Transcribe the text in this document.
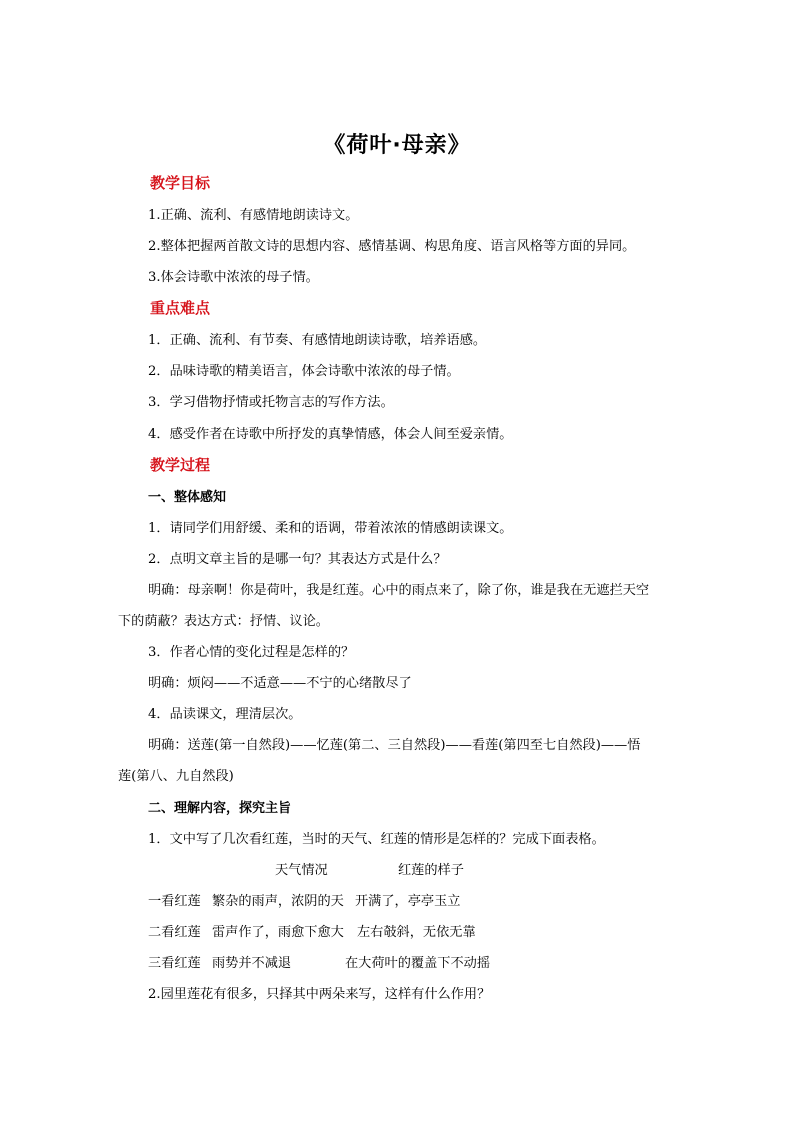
《荷叶·母亲》
教学目标
1.正确、流利、有感情地朗读诗文。
2.整体把握两首散文诗的思想内容、感情基调、构思角度、语言风格等方面的异同。
3.体会诗歌中浓浓的母子情。
重点难点
1．正确、流利、有节奏、有感情地朗读诗歌，培养语感。
2．品味诗歌的精美语言，体会诗歌中浓浓的母子情。
3．学习借物抒情或托物言志的写作方法。
4．感受作者在诗歌中所抒发的真挚情感，体会人间至爱亲情。
教学过程
一、整体感知
1．请同学们用舒缓、柔和的语调，带着浓浓的情感朗读课文。
2．点明文章主旨的是哪一句？其表达方式是什么？
明确：母亲啊！你是荷叶，我是红莲。心中的雨点来了，除了你，谁是我在无遮拦天空
下的荫蔽？表达方式：抒情、议论。
3．作者心情的变化过程是怎样的？
明确：烦闷——不适意——不宁的心绪散尽了
4．品读课文，理清层次。
明确：送莲(第一自然段)——忆莲(第二、三自然段)——看莲(第四至七自然段)——悟
莲(第八、九自然段)
二、理解内容，探究主旨
1．文中写了几次看红莲，当时的天气、红莲的情形是怎样的？完成下面表格。
天气情况	红莲的样子
一看红莲 繁杂的雨声，浓阴的天 开满了，亭亭玉立
二看红莲 雷声作了，雨愈下愈大 左右攲斜，无依无靠
三看红莲 雨势并不减退	在大荷叶的覆盖下不动摇
2.园里莲花有很多，只择其中两朵来写，这样有什么作用？
